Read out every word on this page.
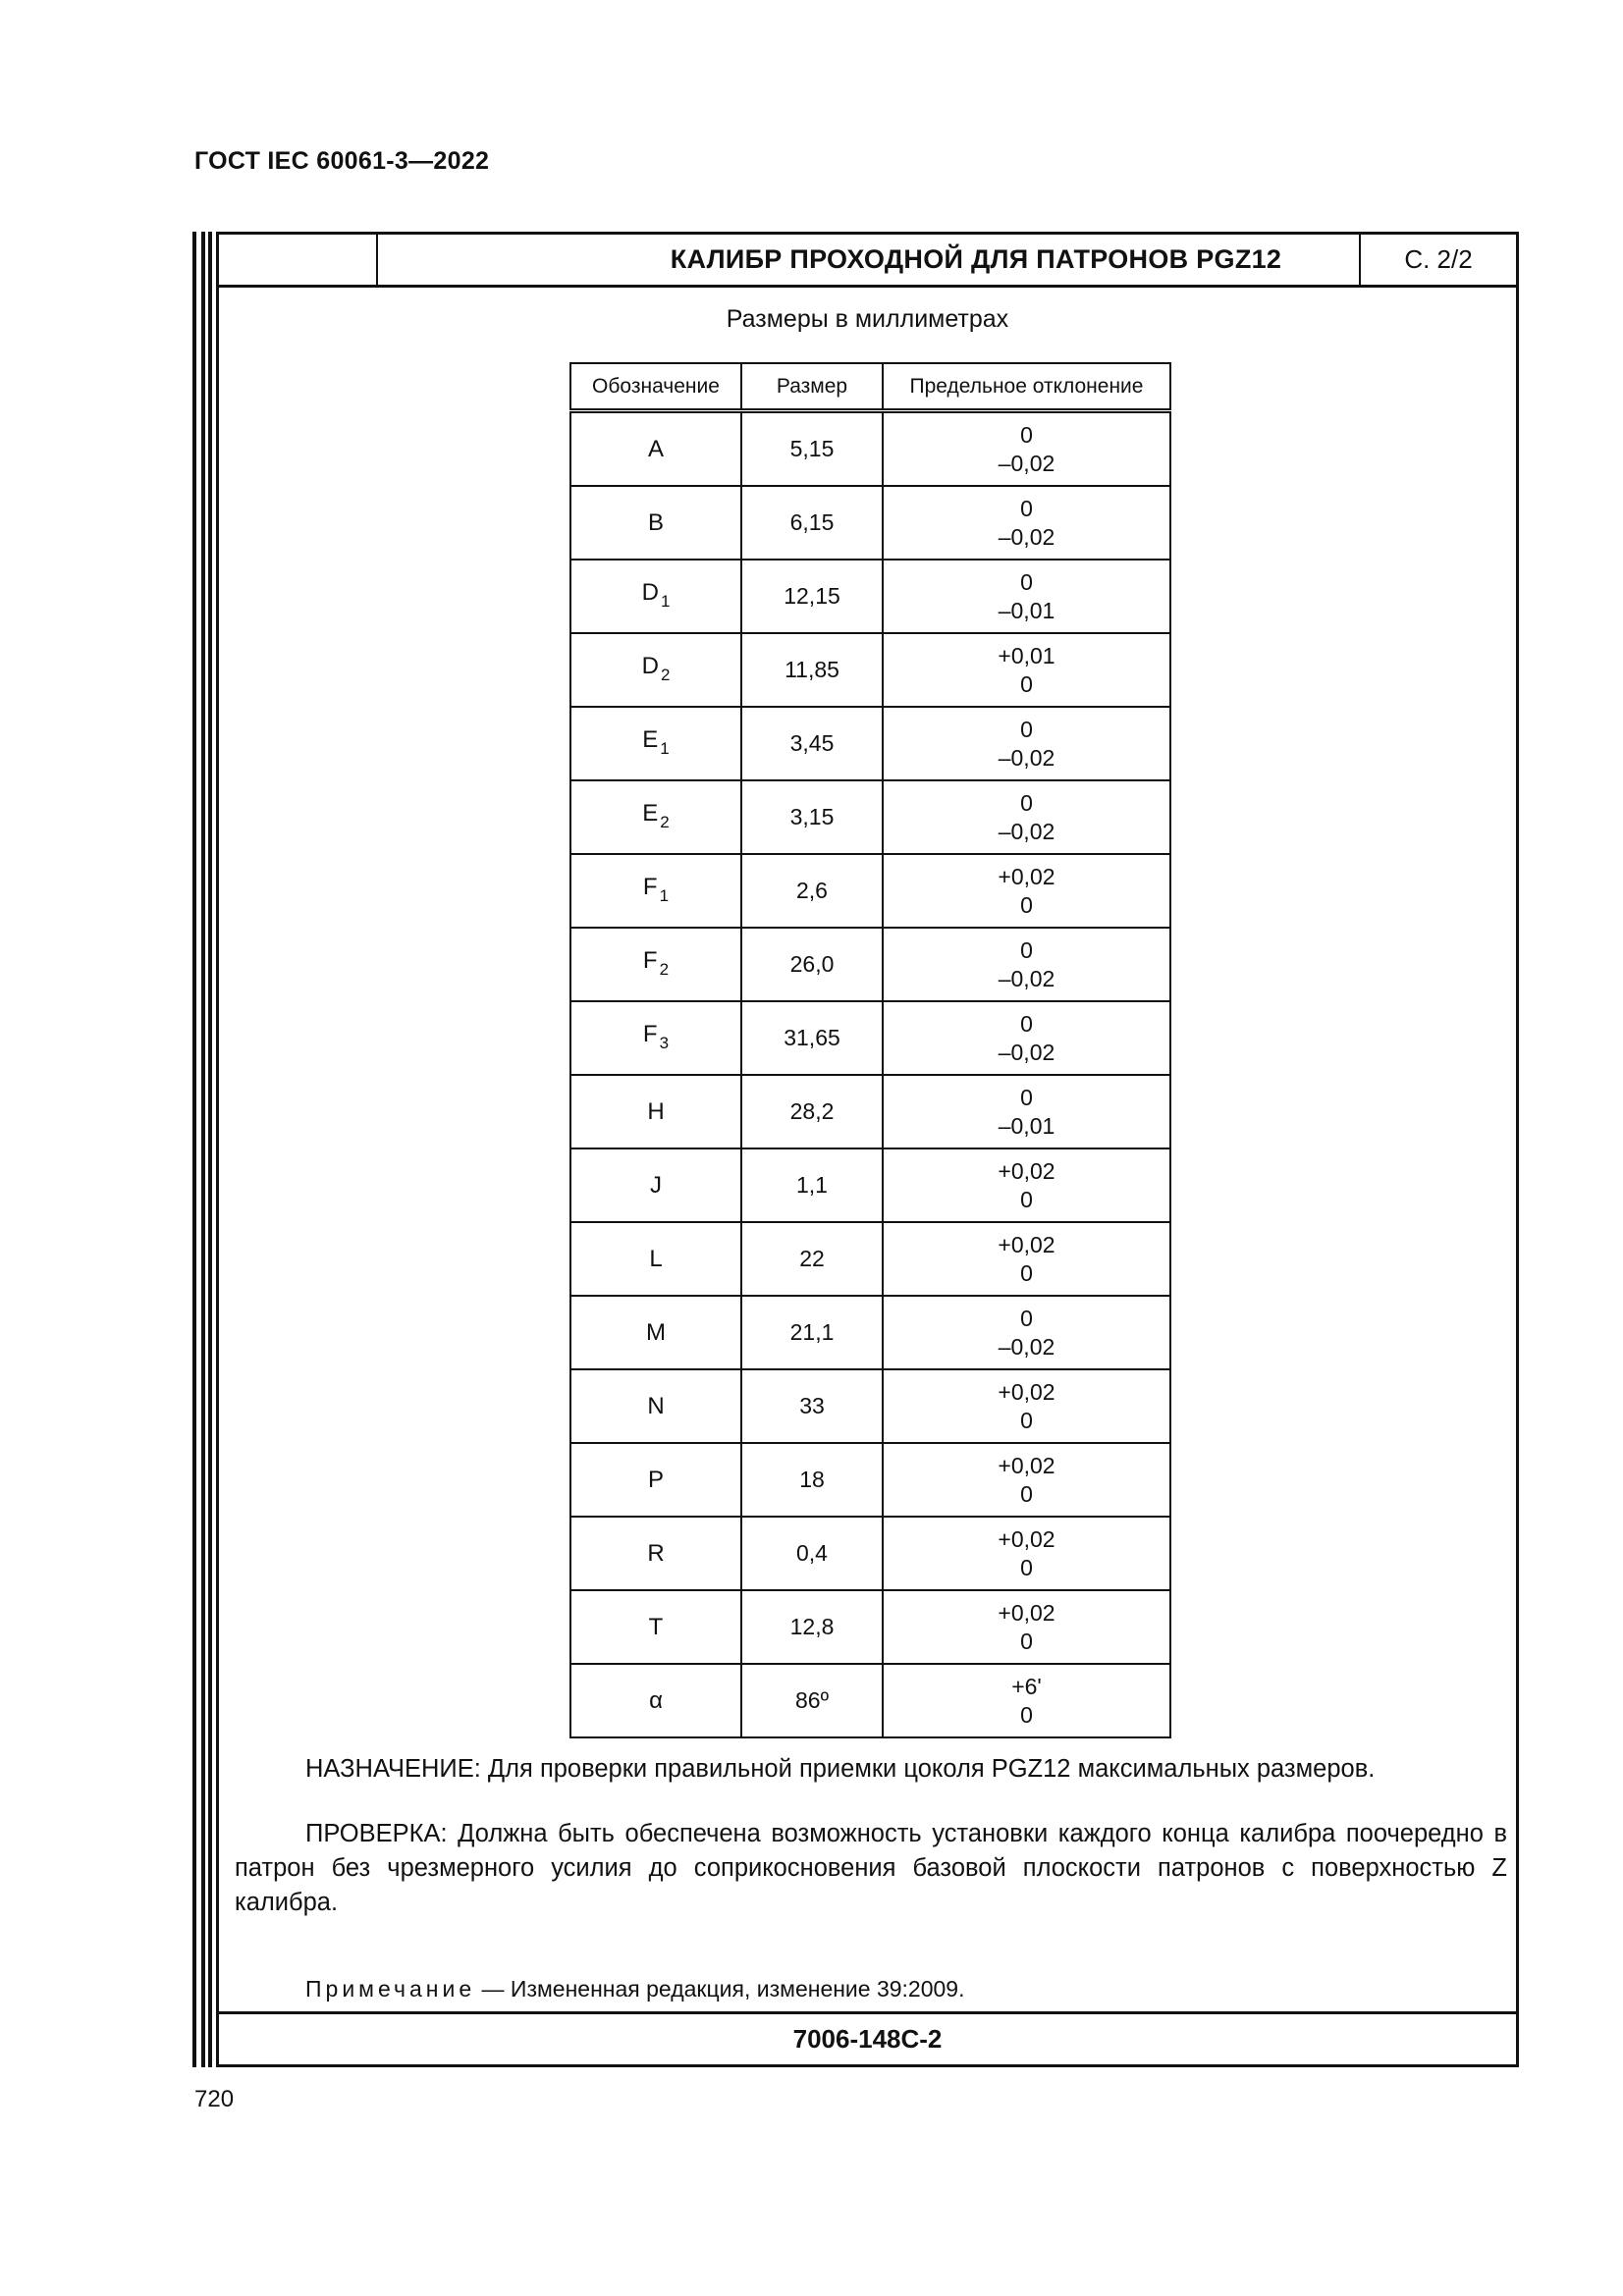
ГОСТ IEC 60061-3—2022
КАЛИБР ПРОХОДНОЙ ДЛЯ ПАТРОНОВ PGZ12	С. 2/2
Размеры в миллиметрах
Обозначение	Размер	Предельное отклонение
A	5,15	0
–0,02

B	6,15	0
–0,02

D $_1$	12,15	0
–0,01

D $_2$	11,85	+0,01
0

E $_1$	3,45	0
–0,02

E $_2$	3,15	0
–0,02

F $_1$	2,6	+0,02
0

F $_2$	26,0	0
–0,02

F $_3$	31,65	0
–0,02

H	28,2	0
–0,01

J	1,1	+0,02
0

L	22	+0,02
0

M	21,1	0
–0,02

N	33	+0,02
0

P	18	+0,02
0

R	0,4	+0,02
0

T	12,8	+0,02
0

α	86º	+6'
0
НАЗНАЧЕНИЕ: Для проверки правильной приемки цоколя PGZ12 максимальных размеров.
ПРОВЕРКА: Должна быть обеспечена возможность установки каждого конца калибра поочередно в патрон без чрезмерного усилия до соприкосновения базовой плоскости патронов с поверхностью Z калибра.
Примечание — Измененная редакция, изменение 39:2009.
7006-148С-2
720
